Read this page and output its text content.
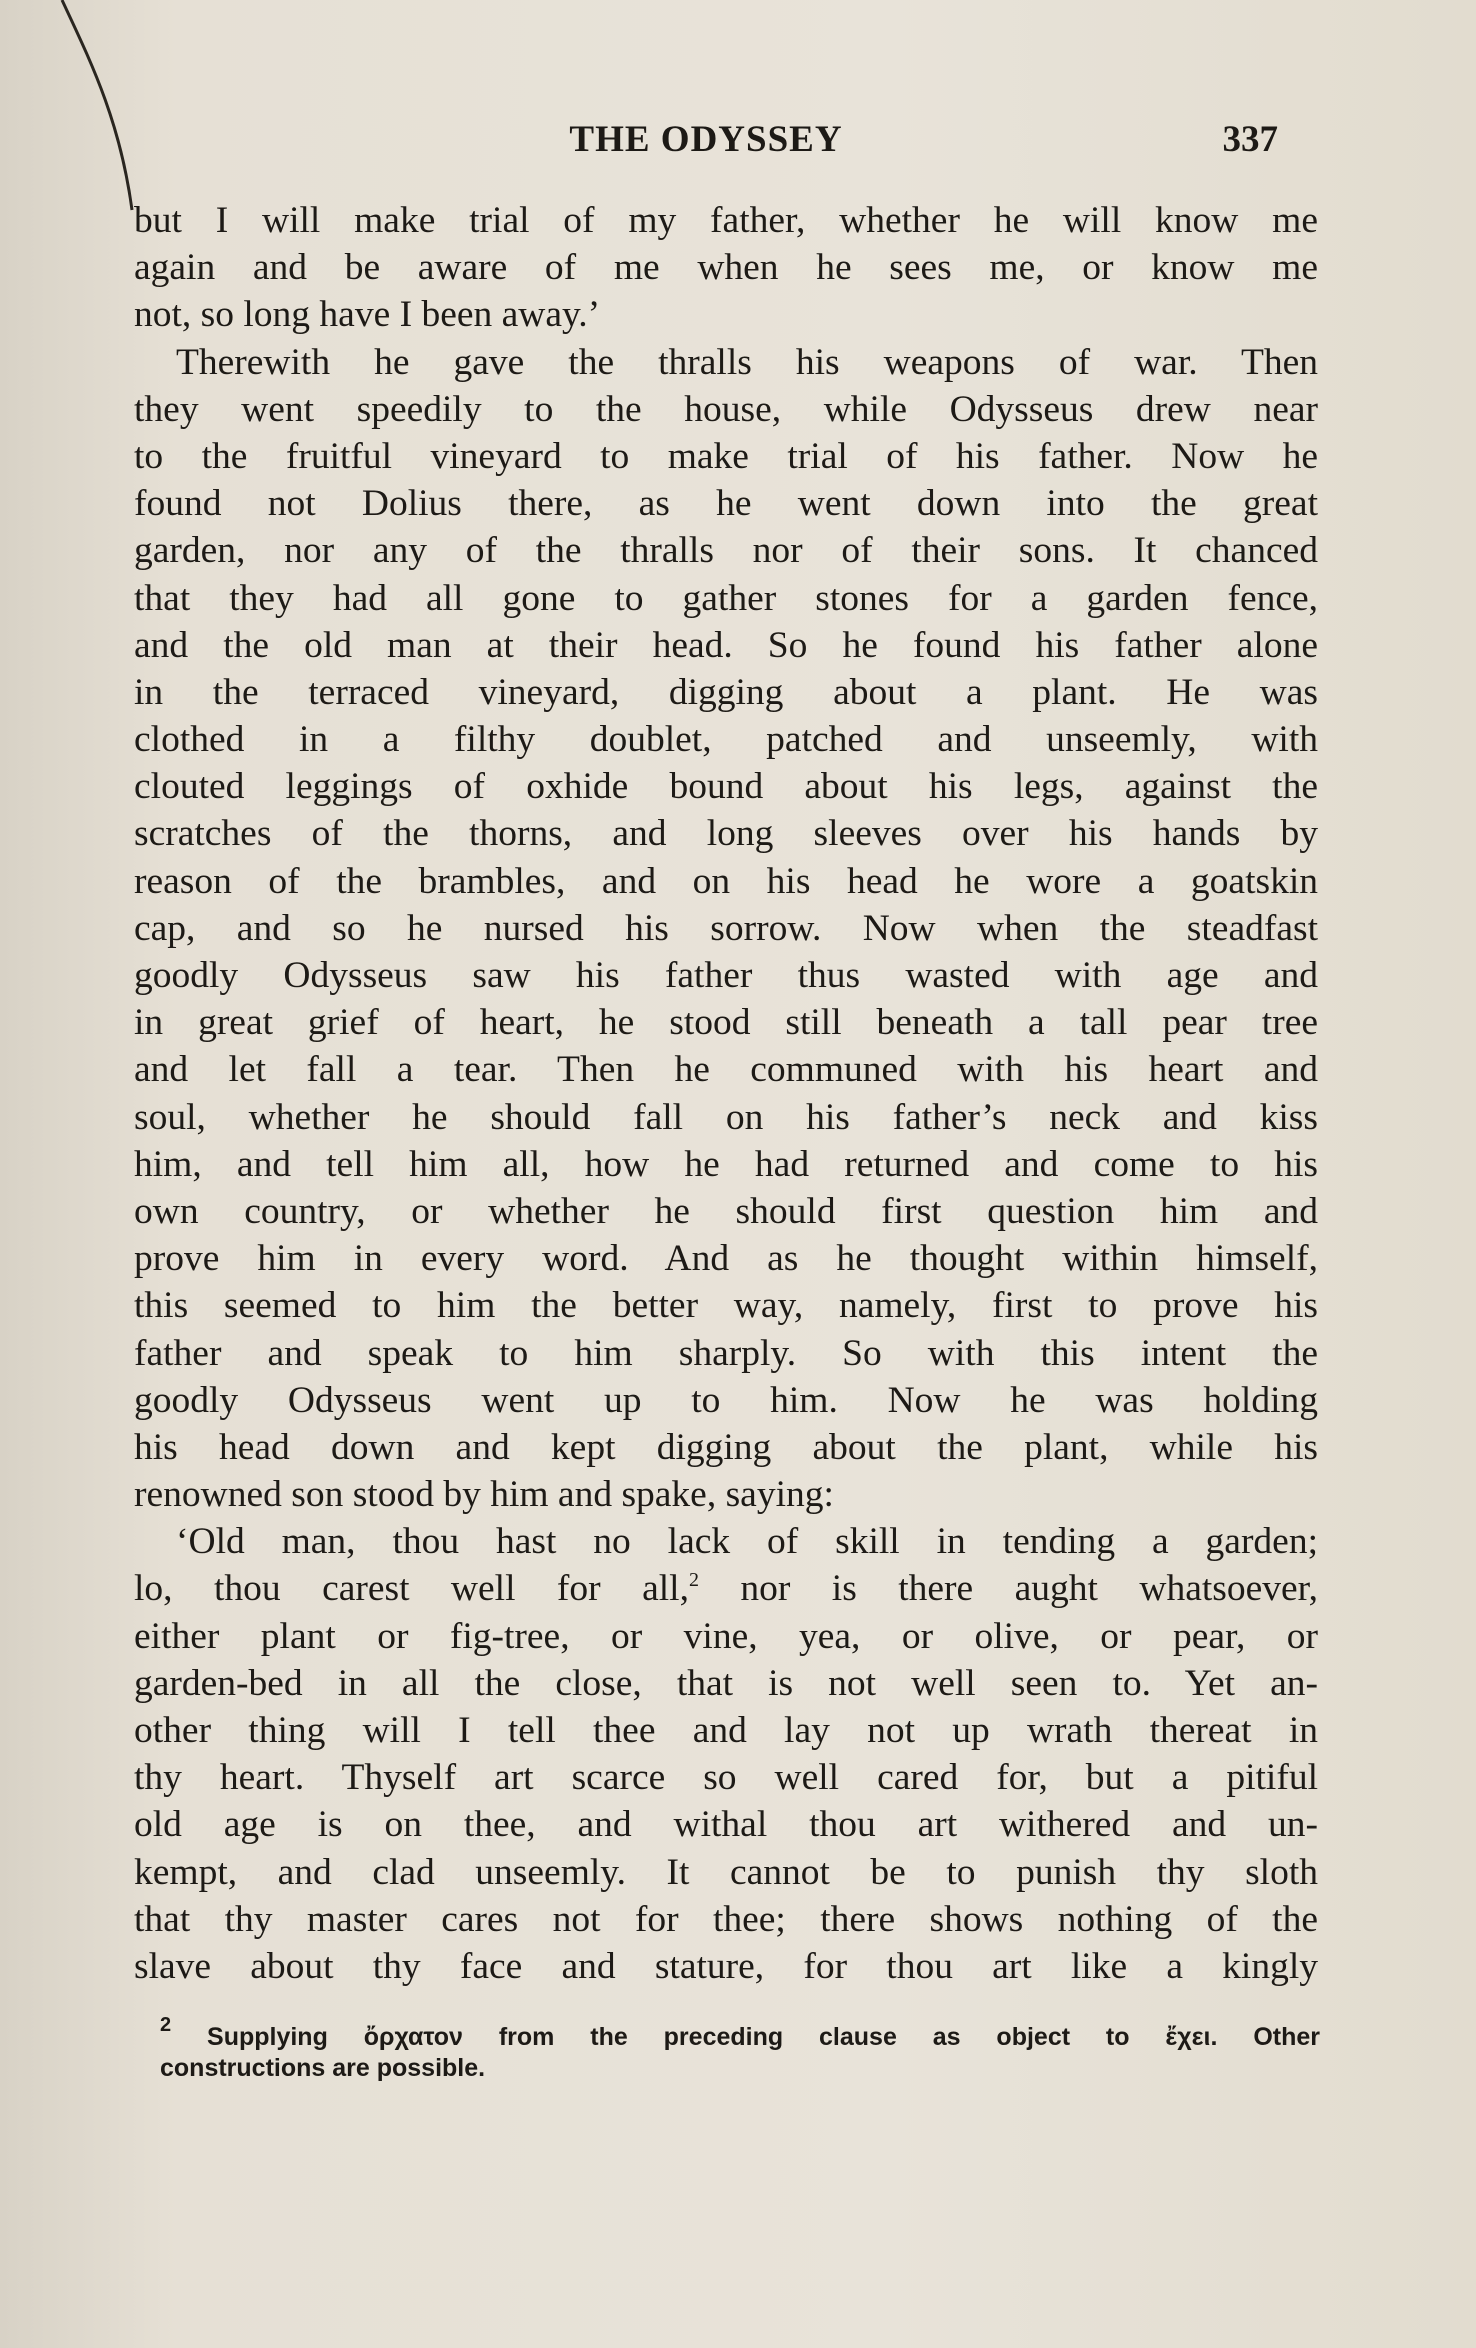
THE ODYSSEY	337
but I will make trial of my father, whether he will know me
again and be aware of me when he sees me, or know me
not, so long have I been away.’
Therewith he gave the thralls his weapons of war. Then
they went speedily to the house, while Odysseus drew near
to the fruitful vineyard to make trial of his father. Now he
found not Dolius there, as he went down into the great
garden, nor any of the thralls nor of their sons. It chanced
that they had all gone to gather stones for a garden fence,
and the old man at their head. So he found his father alone
in the terraced vineyard, digging about a plant. He was
clothed in a filthy doublet, patched and unseemly, with
clouted leggings of oxhide bound about his legs, against the
scratches of the thorns, and long sleeves over his hands by
reason of the brambles, and on his head he wore a goatskin
cap, and so he nursed his sorrow. Now when the steadfast
goodly Odysseus saw his father thus wasted with age and
in great grief of heart, he stood still beneath a tall pear tree
and let fall a tear. Then he communed with his heart and
soul, whether he should fall on his father’s neck and kiss
him, and tell him all, how he had returned and come to his
own country, or whether he should first question him and
prove him in every word. And as he thought within himself,
this seemed to him the better way, namely, first to prove his
father and speak to him sharply. So with this intent the
goodly Odysseus went up to him. Now he was holding
his head down and kept digging about the plant, while his
renowned son stood by him and spake, saying:
‘Old man, thou hast no lack of skill in tending a garden;
lo, thou carest well for all,$^2$ nor is there aught whatsoever,
either plant or fig-tree, or vine, yea, or olive, or pear, or
garden-bed in all the close, that is not well seen to. Yet an-
other thing will I tell thee and lay not up wrath thereat in
thy heart. Thyself art scarce so well cared for, but a pitiful
old age is on thee, and withal thou art withered and un-
kempt, and clad unseemly. It cannot be to punish thy sloth
that thy master cares not for thee; there shows nothing of the
slave about thy face and stature, for thou art like a kingly
$^2$ Supplying ὄρχατον from the preceding clause as object to ἔχει. Other
constructions are possible.
